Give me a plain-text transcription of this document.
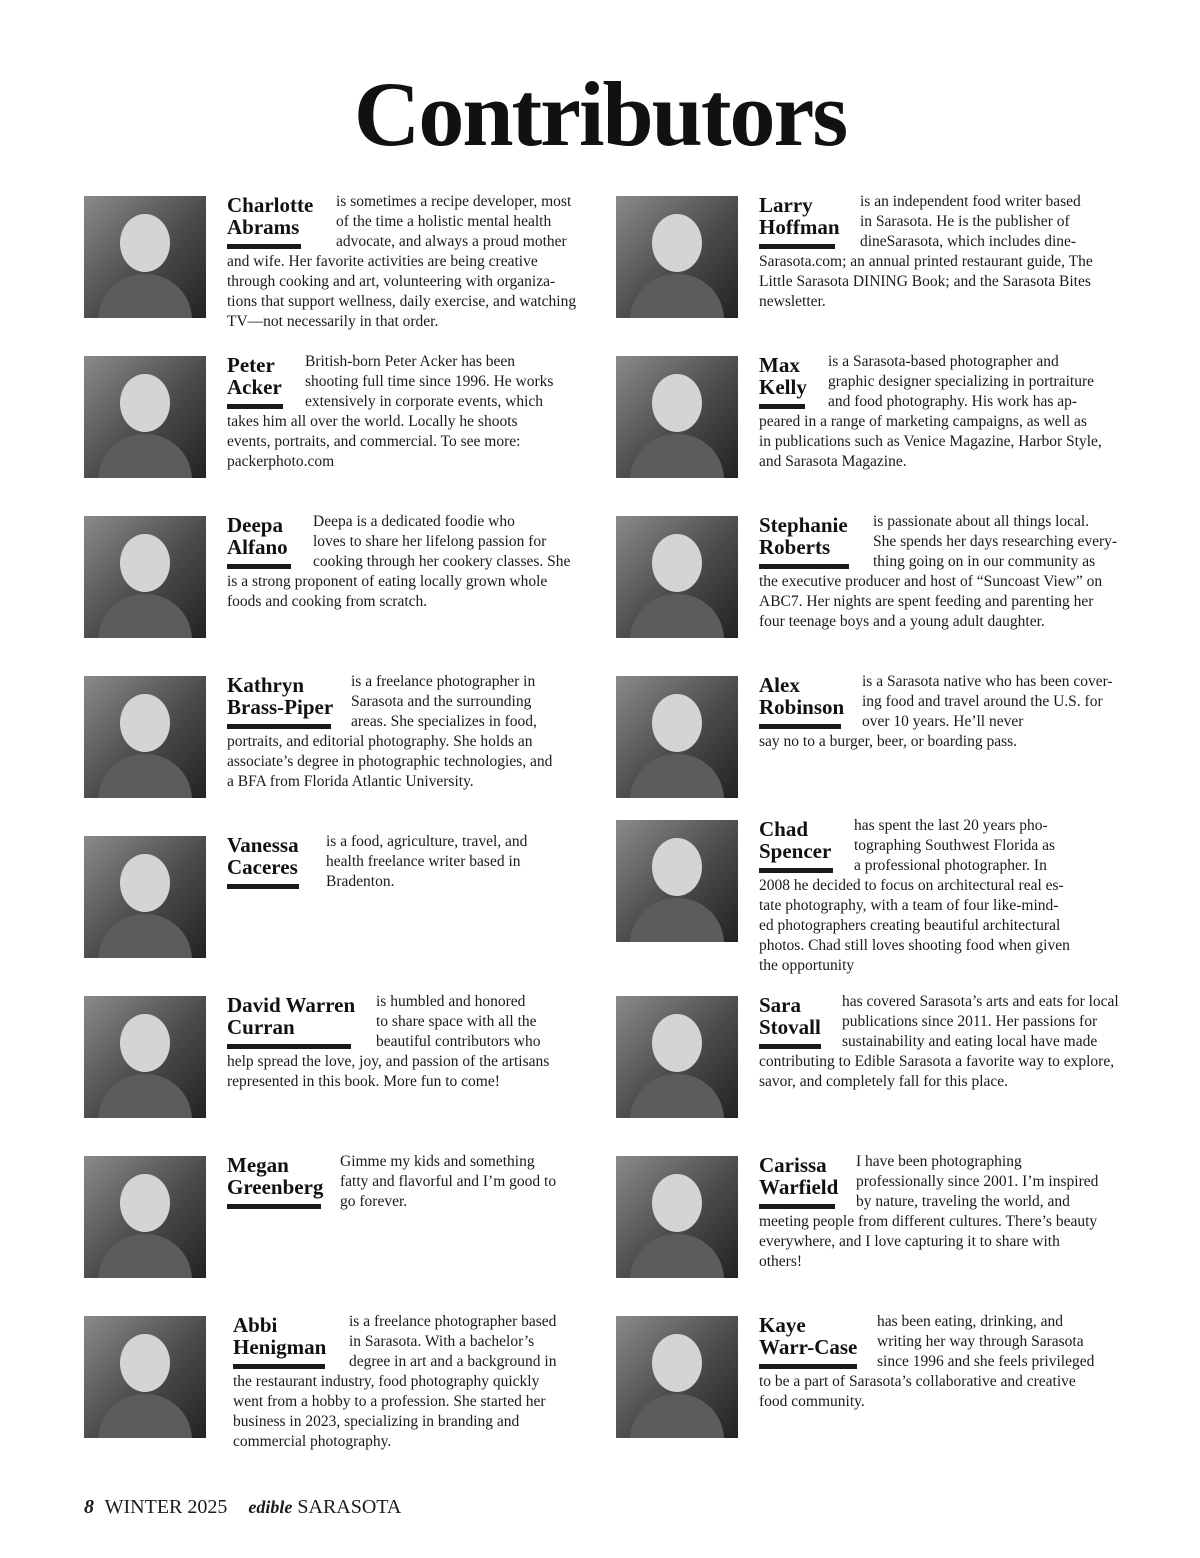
Contributors
Charlotte
Abrams
is sometimes a recipe developer, most
of the time a holistic mental health
advocate, and always a proud mother
and wife. Her favorite activities are being creative
through cooking and art, volunteering with organiza-
tions that support wellness, daily exercise, and watching
TV—not necessarily in that order.
Peter
Acker
British-born Peter Acker has been
shooting full time since 1996. He works
extensively in corporate events, which
takes him all over the world. Locally he shoots
events, portraits, and commercial. To see more:
packerphoto.com
Deepa
Alfano
Deepa is a dedicated foodie who
loves to share her lifelong passion for
cooking through her cookery classes. She
is a strong proponent of eating locally grown whole
foods and cooking from scratch.
Kathryn
Brass-Piper
is a freelance photographer in
Sarasota and the surrounding
areas. She specializes in food,
portraits, and editorial photography. She holds an
associate’s degree in photographic technologies, and
a BFA from Florida Atlantic University.
Vanessa
Caceres
is a food, agriculture, travel, and
health freelance writer based in
Bradenton.
David Warren
Curran
is humbled and honored
to share space with all the
beautiful contributors who
help spread the love, joy, and passion of the artisans
represented in this book. More fun to come!
Megan
Greenberg
Gimme my kids and something
fatty and flavorful and I’m good to
go forever.
Abbi
Henigman
is a freelance photographer based
in Sarasota. With a bachelor’s
degree in art and a background in
the restaurant industry, food photography quickly
went from a hobby to a profession. She started her
business in 2023, specializing in branding and
commercial photography.
Larry
Hoffman
is an independent food writer based
in Sarasota. He is the publisher of
dineSarasota, which includes dine-
Sarasota.com; an annual printed restaurant guide, The
Little Sarasota DINING Book; and the Sarasota Bites
newsletter.
Max
Kelly
is a Sarasota-based photographer and
graphic designer specializing in portraiture
and food photography. His work has ap-
peared in a range of marketing campaigns, as well as
in publications such as Venice Magazine, Harbor Style,
and Sarasota Magazine.
Stephanie
Roberts
is passionate about all things local.
She spends her days researching every-
thing going on in our community as
the executive producer and host of “Suncoast View” on
ABC7. Her nights are spent feeding and parenting her
four teenage boys and a young adult daughter.
Alex
Robinson
is a Sarasota native who has been cover-
ing food and travel around the U.S. for
over 10 years. He’ll never
say no to a burger, beer, or boarding pass.
Chad
Spencer
has spent the last 20 years pho-
tographing Southwest Florida as
a professional photographer. In
2008 he decided to focus on architectural real es-
tate photography, with a team of four like-mind-
ed photographers creating beautiful architectural
photos. Chad still loves shooting food when given
the opportunity
Sara
Stovall
has covered Sarasota’s arts and eats for local
publications since 2011. Her passions for
sustainability and eating local have made
contributing to Edible Sarasota a favorite way to explore,
savor, and completely fall for this place.
Carissa
Warfield
I have been photographing
professionally since 2001. I’m inspired
by nature, traveling the world, and
meeting people from different cultures. There’s beauty
everywhere, and I love capturing it to share with
others!
Kaye
Warr-Case
has been eating, drinking, and
writing her way through Sarasota
since 1996 and she feels privileged
to be a part of Sarasota’s collaborative and creative
food community.
8 WINTER 2025 edible SARASOTA
